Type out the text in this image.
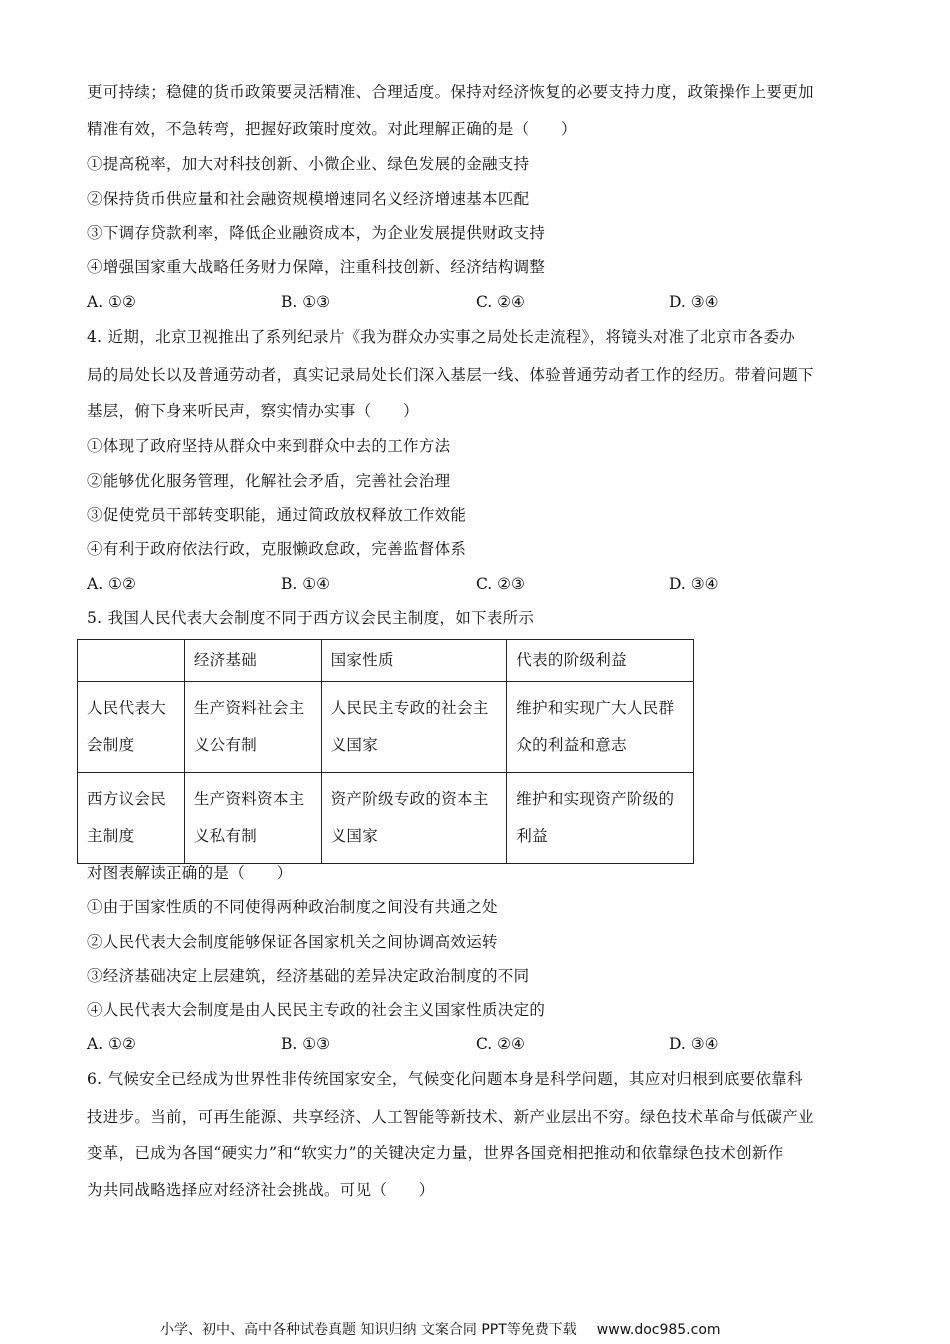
更可持续；稳健的货币政策要灵活精准、合理适度。保持对经济恢复的必要支持力度，政策操作上要更加
精准有效，不急转弯，把握好政策时度效。对此理解正确的是（　　）
①提高税率，加大对科技创新、小微企业、绿色发展的金融支持
②保持货币供应量和社会融资规模增速同名义经济增速基本匹配
③下调存贷款利率，降低企业融资成本，为企业发展提供财政支持
④增强国家重大战略任务财力保障，注重科技创新、经济结构调整
A. ①②	B. ①③	C. ②④	D. ③④
4. 近期，北京卫视推出了系列纪录片《我为群众办实事之局处长走流程》，将镜头对准了北京市各委办
局的局处长以及普通劳动者，真实记录局处长们深入基层一线、体验普通劳动者工作的经历。带着问题下
基层，俯下身来听民声，察实情办实事（　　）
①体现了政府坚持从群众中来到群众中去的工作方法
②能够优化服务管理，化解社会矛盾，完善社会治理
③促使党员干部转变职能，通过简政放权释放工作效能
④有利于政府依法行政，克服懒政怠政，完善监督体系
A. ①②	B. ①④	C. ②③	D. ③④
5. 我国人民代表大会制度不同于西方议会民主制度，如下表所示
	经济基础	国家性质	代表的阶级利益
人民代表大会制度	生产资料社会主义公有制	人民民主专政的社会主义国家	维护和实现广大人民群众的利益和意志
西方议会民主制度	生产资料资本主义私有制	资产阶级专政的资本主义国家	维护和实现资产阶级的利益
对图表解读正确的是（　　）
①由于国家性质的不同使得两种政治制度之间没有共通之处
②人民代表大会制度能够保证各国家机关之间协调高效运转
③经济基础决定上层建筑，经济基础的差异决定政治制度的不同
④人民代表大会制度是由人民民主专政的社会主义国家性质决定的
A. ①②	B. ①③	C. ②④	D. ③④
6. 气候安全已经成为世界性非传统国家安全，气候变化问题本身是科学问题，其应对归根到底要依靠科
技进步。当前，可再生能源、共享经济、人工智能等新技术、新产业层出不穷。绿色技术革命与低碳产业
变革，已成为各国“硬实力”和“软实力”的关键决定力量，世界各国竞相把推动和依靠绿色技术创新作
为共同战略选择应对经济社会挑战。可见（　　）
小学、初中、高中各种试卷真题 知识归纳 文案合同 PPT等免费下载 www.doc985.com
